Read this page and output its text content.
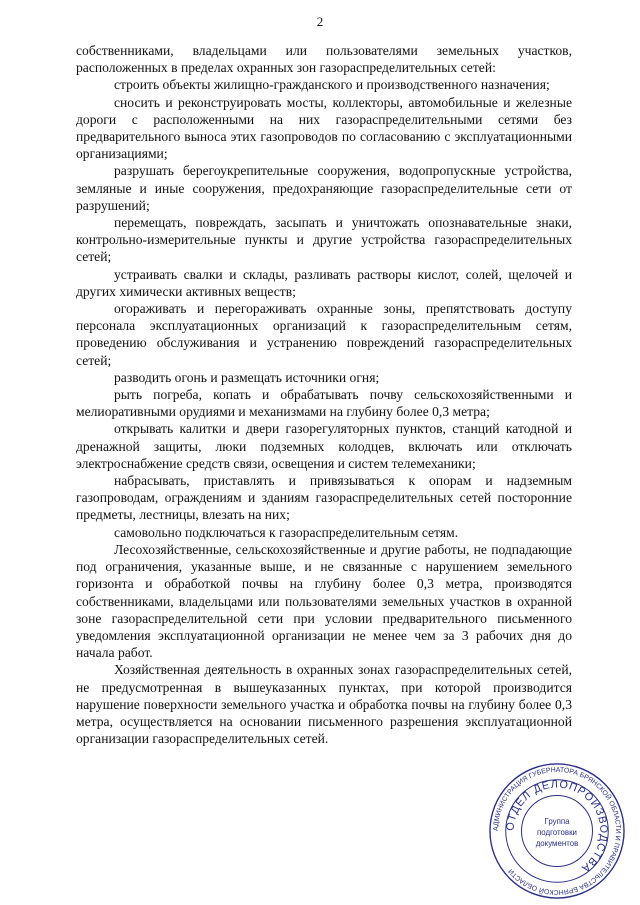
2

собственниками, владельцами или пользователями земельных участков, расположенных в пределах охранных зон газораспределительных сетей:

строить объекты жилищно-гражданского и производственного назначения;

сносить и реконструировать мосты, коллекторы, автомобильные и железные дороги с расположенными на них газораспределительными сетями без предварительного выноса этих газопроводов по согласованию с эксплуатационными организациями;

разрушать берегоукрепительные сооружения, водопропускные устройства, земляные и иные сооружения, предохраняющие газораспределительные сети от разрушений;

перемещать, повреждать, засыпать и уничтожать опознавательные знаки, контрольно-измерительные пункты и другие устройства газораспределительных сетей;

устраивать свалки и склады, разливать растворы кислот, солей, щелочей и других химически активных веществ;

огораживать и перегораживать охранные зоны, препятствовать доступу персонала эксплуатационных организаций к газораспределительным сетям, проведению обслуживания и устранению повреждений газораспределительных сетей;

разводить огонь и размещать источники огня;

рыть погреба, копать и обрабатывать почву сельскохозяйственными и мелиоративными орудиями и механизмами на глубину более 0,3 метра;

открывать калитки и двери газорегуляторных пунктов, станций катодной и дренажной защиты, люки подземных колодцев, включать или отключать электроснабжение средств связи, освещения и систем телемеханики;

набрасывать, приставлять и привязываться к опорам и надземным газопроводам, ограждениям и зданиям газораспределительных сетей посторонние предметы, лестницы, влезать на них;

самовольно подключаться к газораспределительным сетям.

Лесохозяйственные, сельскохозяйственные и другие работы, не подпадающие под ограничения, указанные выше, и не связанные с нарушением земельного горизонта и обработкой почвы на глубину более 0,3 метра, производятся собственниками, владельцами или пользователями земельных участков в охранной зоне газораспределительной сети при условии предварительного письменного уведомления эксплуатационной организации не менее чем за 3 рабочих дня до начала работ.

Хозяйственная деятельность в охранных зонах газораспределительных сетей, не предусмотренная в вышеуказанных пунктах, при которой производится нарушение поверхности земельного участка и обработка почвы на глубину более 0,3 метра, осуществляется на основании письменного разрешения эксплуатационной организации газораспределительных сетей.

АДМИНИСТРАЦИЯ ГУБЕРНАТОРА БРЯНСКОЙ ОБЛАСТИ И ПРАВИТЕЛЬСТВА БРЯНСКОЙ ОБЛАСТИ
ОТДЕЛ ДЕЛОПРОИЗВОДСТВА
Группа
подготовки
документов
